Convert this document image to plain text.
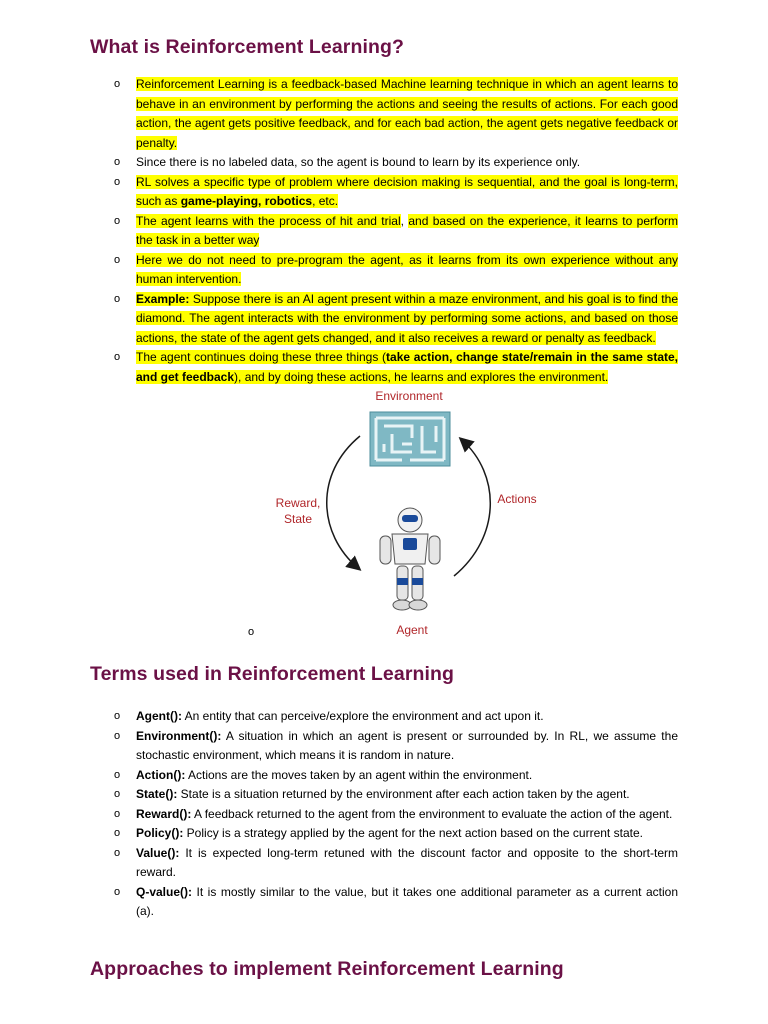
What is Reinforcement Learning?
o Reinforcement Learning is a feedback-based Machine learning technique in which an agent learns to behave in an environment by performing the actions and seeing the results of actions. For each good action, the agent gets positive feedback, and for each bad action, the agent gets negative feedback or penalty.
o Since there is no labeled data, so the agent is bound to learn by its experience only.
o RL solves a specific type of problem where decision making is sequential, and the goal is long-term, such as game-playing, robotics, etc.
o The agent learns with the process of hit and trial, and based on the experience, it learns to perform the task in a better way
o Here we do not need to pre-program the agent, as it learns from its own experience without any human intervention.
o Example: Suppose there is an AI agent present within a maze environment, and his goal is to find the diamond. The agent interacts with the environment by performing some actions, and based on those actions, the state of the agent gets changed, and it also receives a reward or penalty as feedback.
o The agent continues doing these three things (take action, change state/remain in the same state, and get feedback), and by doing these actions, he learns and explores the environment.
Environment
Reward,
State
Actions
Agent
o
Terms used in Reinforcement Learning
o Agent(): An entity that can perceive/explore the environment and act upon it.
o Environment(): A situation in which an agent is present or surrounded by. In RL, we assume the stochastic environment, which means it is random in nature.
o Action(): Actions are the moves taken by an agent within the environment.
o State(): State is a situation returned by the environment after each action taken by the agent.
o Reward(): A feedback returned to the agent from the environment to evaluate the action of the agent.
o Policy(): Policy is a strategy applied by the agent for the next action based on the current state.
o Value(): It is expected long-term retuned with the discount factor and opposite to the short-term reward.
o Q-value(): It is mostly similar to the value, but it takes one additional parameter as a current action (a).
Approaches to implement Reinforcement Learning
